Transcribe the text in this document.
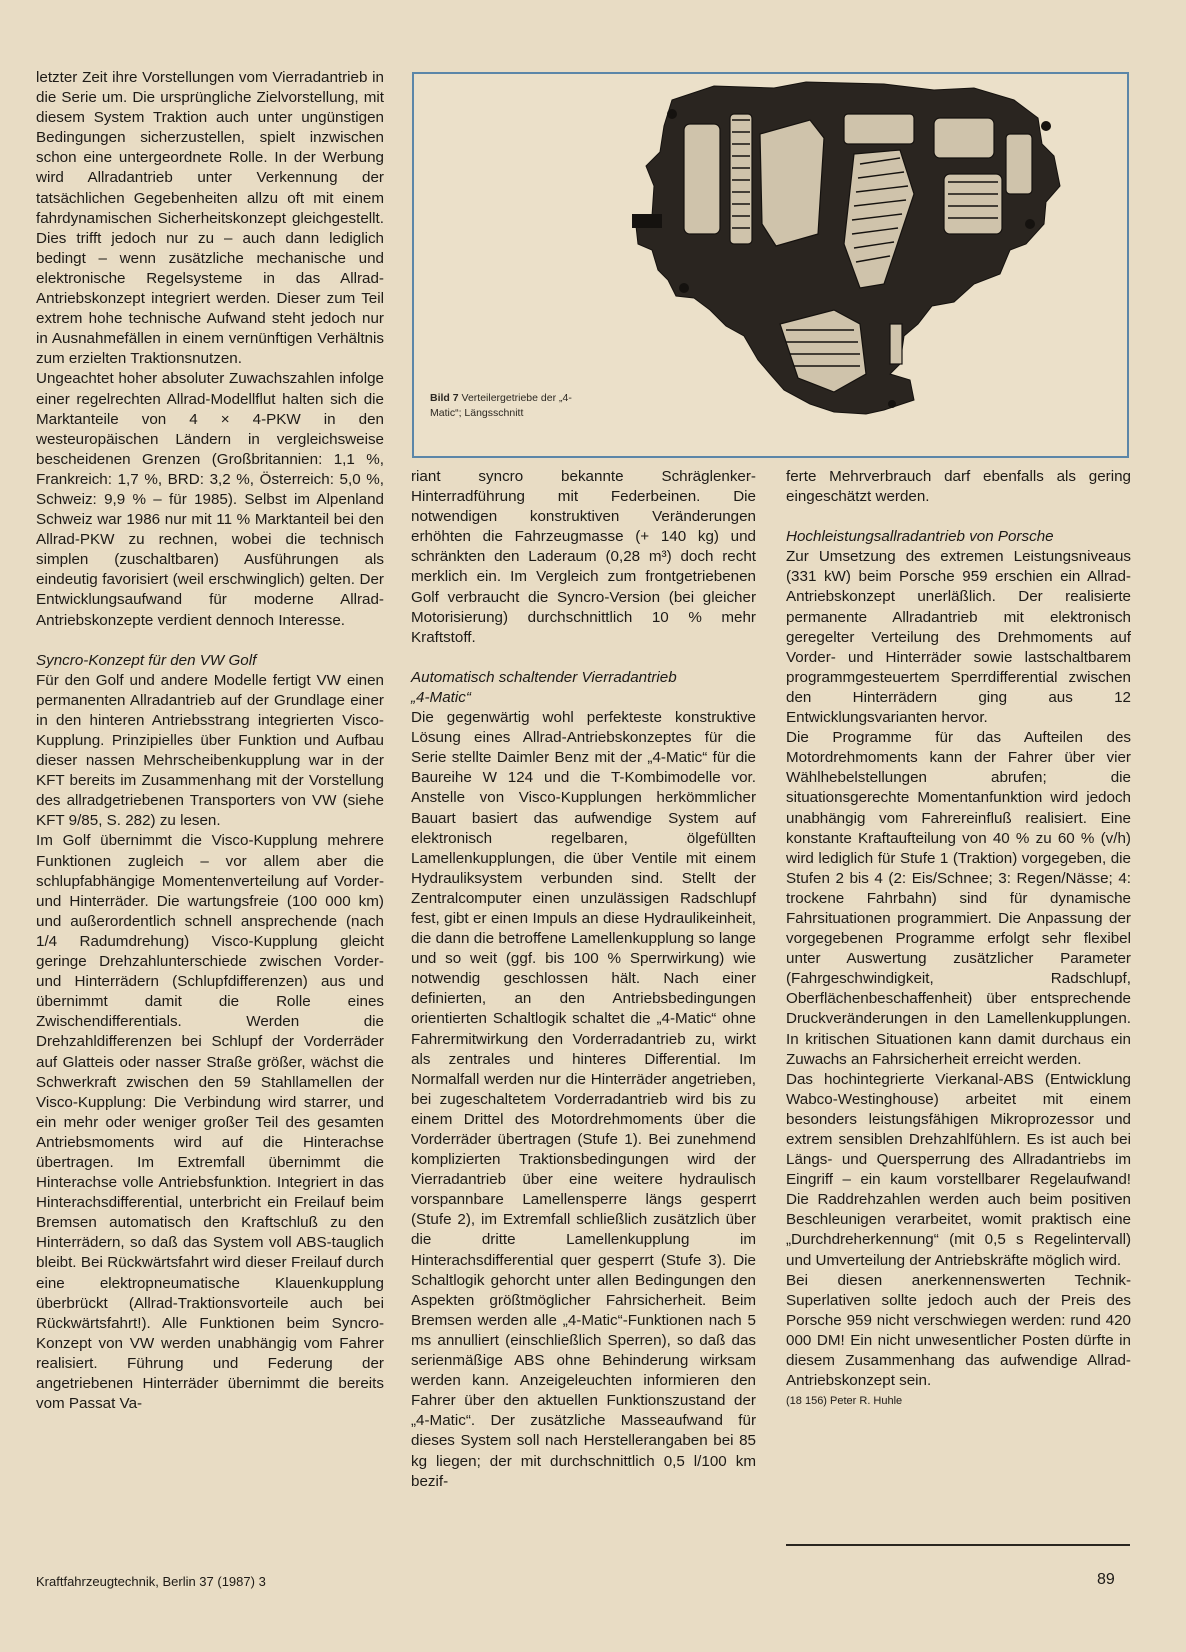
letzter Zeit ihre Vorstellungen vom Vierradantrieb in die Serie um. Die ursprüngliche Zielvorstellung, mit diesem System Traktion auch unter ungünstigen Bedingungen sicherzustellen, spielt inzwischen schon eine untergeordnete Rolle. In der Werbung wird Allradantrieb unter Verkennung der tatsächlichen Gegebenheiten allzu oft mit einem fahrdynamischen Sicherheitskonzept gleichgestellt. Dies trifft jedoch nur zu – auch dann lediglich bedingt – wenn zusätzliche mechanische und elektronische Regelsysteme in das Allrad-Antriebskonzept integriert werden. Dieser zum Teil extrem hohe technische Aufwand steht jedoch nur in Ausnahmefällen in einem vernünftigen Verhältnis zum erzielten Traktionsnutzen.

Ungeachtet hoher absoluter Zuwachszahlen infolge einer regelrechten Allrad-Modellflut halten sich die Marktanteile von 4 × 4-PKW in den westeuropäischen Ländern in vergleichsweise bescheidenen Grenzen (Großbritannien: 1,1 %, Frankreich: 1,7 %, BRD: 3,2 %, Österreich: 5,0 %, Schweiz: 9,9 % – für 1985). Selbst im Alpenland Schweiz war 1986 nur mit 11 % Marktanteil bei den Allrad-PKW zu rechnen, wobei die technisch simplen (zuschaltbaren) Ausführungen als eindeutig favorisiert (weil erschwinglich) gelten. Der Entwicklungsaufwand für moderne Allrad-Antriebskonzepte verdient dennoch Interesse.

Syncro-Konzept für den VW Golf

Für den Golf und andere Modelle fertigt VW einen permanenten Allradantrieb auf der Grundlage einer in den hinteren Antriebsstrang integrierten Visco-Kupplung. Prinzipielles über Funktion und Aufbau dieser nassen Mehrscheibenkupplung war in der KFT bereits im Zusammenhang mit der Vorstellung des allradgetriebenen Transporters von VW (siehe KFT 9/85, S. 282) zu lesen.

Im Golf übernimmt die Visco-Kupplung mehrere Funktionen zugleich – vor allem aber die schlupfabhängige Momentenverteilung auf Vorder- und Hinterräder. Die wartungsfreie (100 000 km) und außerordentlich schnell ansprechende (nach 1/4 Radumdrehung) Visco-Kupplung gleicht geringe Drehzahlunterschiede zwischen Vorder- und Hinterrädern (Schlupfdifferenzen) aus und übernimmt damit die Rolle eines Zwischendifferentials. Werden die Drehzahldifferenzen bei Schlupf der Vorderräder auf Glatteis oder nasser Straße größer, wächst die Schwerkraft zwischen den 59 Stahllamellen der Visco-Kupplung: Die Verbindung wird starrer, und ein mehr oder weniger großer Teil des gesamten Antriebsmoments wird auf die Hinterachse übertragen. Im Extremfall übernimmt die Hinterachse volle Antriebsfunktion. Integriert in das Hinterachsdifferential, unterbricht ein Freilauf beim Bremsen automatisch den Kraftschluß zu den Hinterrädern, so daß das System voll ABS-tauglich bleibt. Bei Rückwärtsfahrt wird dieser Freilauf durch eine elektropneumatische Klauenkupplung überbrückt (Allrad-Traktionsvorteile auch bei Rückwärtsfahrt!). Alle Funktionen beim Syncro-Konzept von VW werden unabhängig vom Fahrer realisiert. Führung und Federung der angetriebenen Hinterräder übernimmt die bereits vom Passat Va-

Bild 7 Verteilergetriebe der „4-Matic“; Längsschnitt

riant syncro bekannte Schräglenker-Hinterradführung mit Federbeinen. Die notwendigen konstruktiven Veränderungen erhöhten die Fahrzeugmasse (+ 140 kg) und schränkten den Laderaum (0,28 m³) doch recht merklich ein. Im Vergleich zum frontgetriebenen Golf verbraucht die Syncro-Version (bei gleicher Motorisierung) durchschnittlich 10 % mehr Kraftstoff.

Automatisch schaltender Vierradantrieb
„4-Matic“

Die gegenwärtig wohl perfekteste konstruktive Lösung eines Allrad-Antriebskonzeptes für die Serie stellte Daimler Benz mit der „4-Matic“ für die Baureihe W 124 und die T-Kombimodelle vor. Anstelle von Visco-Kupplungen herkömmlicher Bauart basiert das aufwendige System auf elektronisch regelbaren, ölgefüllten Lamellenkupplungen, die über Ventile mit einem Hydrauliksystem verbunden sind. Stellt der Zentralcomputer einen unzulässigen Radschlupf fest, gibt er einen Impuls an diese Hydraulikeinheit, die dann die betroffene Lamellenkupplung so lange und so weit (ggf. bis 100 % Sperrwirkung) wie notwendig geschlossen hält. Nach einer definierten, an den Antriebsbedingungen orientierten Schaltlogik schaltet die „4-Matic“ ohne Fahrermitwirkung den Vorderradantrieb zu, wirkt als zentrales und hinteres Differential. Im Normalfall werden nur die Hinterräder angetrieben, bei zugeschaltetem Vorderradantrieb wird bis zu einem Drittel des Motordrehmoments über die Vorderräder übertragen (Stufe 1). Bei zunehmend komplizierten Traktionsbedingungen wird der Vierradantrieb über eine weitere hydraulisch vorspannbare Lamellensperre längs gesperrt (Stufe 2), im Extremfall schließlich zusätzlich über die dritte Lamellenkupplung im Hinterachsdifferential quer gesperrt (Stufe 3). Die Schaltlogik gehorcht unter allen Bedingungen den Aspekten größtmöglicher Fahrsicherheit. Beim Bremsen werden alle „4-Matic“-Funktionen nach 5 ms annulliert (einschließlich Sperren), so daß das serienmäßige ABS ohne Behinderung wirksam werden kann. Anzeigeleuchten informieren den Fahrer über den aktuellen Funktionszustand der „4-Matic“. Der zusätzliche Masseaufwand für dieses System soll nach Herstellerangaben bei 85 kg liegen; der mit durchschnittlich 0,5 l/100 km bezif-

ferte Mehrverbrauch darf ebenfalls als gering eingeschätzt werden.

Hochleistungsallradantrieb von Porsche

Zur Umsetzung des extremen Leistungsniveaus (331 kW) beim Porsche 959 erschien ein Allrad-Antriebskonzept unerläßlich. Der realisierte permanente Allradantrieb mit elektronisch geregelter Verteilung des Drehmoments auf Vorder- und Hinterräder sowie lastschaltbarem programmgesteuertem Sperrdifferential zwischen den Hinterrädern ging aus 12 Entwicklungsvarianten hervor.

Die Programme für das Aufteilen des Motordrehmoments kann der Fahrer über vier Wählhebelstellungen abrufen; die situationsgerechte Momentanfunktion wird jedoch unabhängig vom Fahrereinfluß realisiert. Eine konstante Kraftaufteilung von 40 % zu 60 % (v/h) wird lediglich für Stufe 1 (Traktion) vorgegeben, die Stufen 2 bis 4 (2: Eis/Schnee; 3: Regen/Nässe; 4: trockene Fahrbahn) sind für dynamische Fahrsituationen programmiert. Die Anpassung der vorgegebenen Programme erfolgt sehr flexibel unter Auswertung zusätzlicher Parameter (Fahrgeschwindigkeit, Radschlupf, Oberflächenbeschaffenheit) über entsprechende Druckveränderungen in den Lamellenkupplungen. In kritischen Situationen kann damit durchaus ein Zuwachs an Fahrsicherheit erreicht werden.

Das hochintegrierte Vierkanal-ABS (Entwicklung Wabco-Westinghouse) arbeitet mit einem besonders leistungsfähigen Mikroprozessor und extrem sensiblen Drehzahlfühlern. Es ist auch bei Längs- und Quersperrung des Allradantriebs im Eingriff – ein kaum vorstellbarer Regelaufwand! Die Raddrehzahlen werden auch beim positiven Beschleunigen verarbeitet, womit praktisch eine „Durchdreherkennung“ (mit 0,5 s Regelintervall) und Umverteilung der Antriebskräfte möglich wird.

Bei diesen anerkennenswerten Technik-Superlativen sollte jedoch auch der Preis des Porsche 959 nicht verschwiegen werden: rund 420 000 DM! Ein nicht unwesentlicher Posten dürfte in diesem Zusammenhang das aufwendige Allrad-Antriebskonzept sein.

(18 156) Peter R. Huhle

Kraftfahrzeugtechnik, Berlin 37 (1987) 3	89
